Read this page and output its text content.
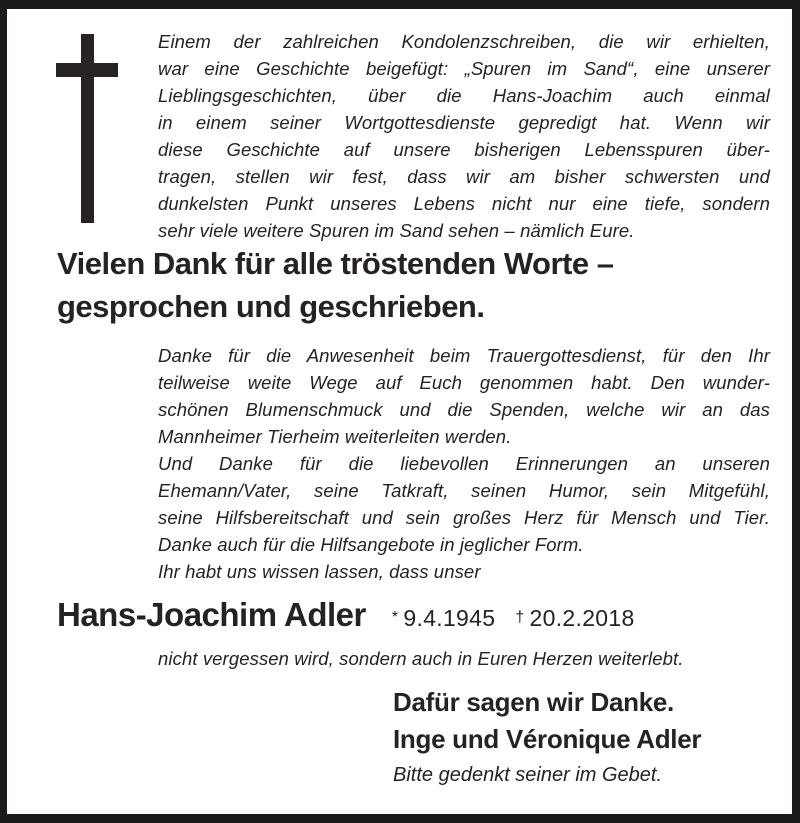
Einem der zahlreichen Kondolenzschreiben, die wir erhielten,
war eine Geschichte beigefügt: „Spuren im Sand“, eine unserer
Lieblingsgeschichten, über die Hans-Joachim auch einmal
in einem seiner Wortgottesdienste gepredigt hat. Wenn wir
diese Geschichte auf unsere bisherigen Lebensspuren über-
tragen, stellen wir fest, dass wir am bisher schwersten und
dunkelsten Punkt unseres Lebens nicht nur eine tiefe, sondern
sehr viele weitere Spuren im Sand sehen – nämlich Eure.
Vielen Dank für alle tröstenden Worte –
gesprochen und geschrieben.
Danke für die Anwesenheit beim Trauergottesdienst, für den Ihr
teilweise weite Wege auf Euch genommen habt. Den wunder-
schönen Blumenschmuck und die Spenden, welche wir an das
Mannheimer Tierheim weiterleiten werden.
Und Danke für die liebevollen Erinnerungen an unseren
Ehemann/Vater, seine Tatkraft, seinen Humor, sein Mitgefühl,
seine Hilfsbereitschaft und sein großes Herz für Mensch und Tier.
Danke auch für die Hilfsangebote in jeglicher Form.
Ihr habt uns wissen lassen, dass unser
Hans-Joachim Adler	* 9.4.1945 † 20.2.2018
nicht vergessen wird, sondern auch in Euren Herzen weiterlebt.
Dafür sagen wir Danke.
Inge und Véronique Adler
Bitte gedenkt seiner im Gebet.
